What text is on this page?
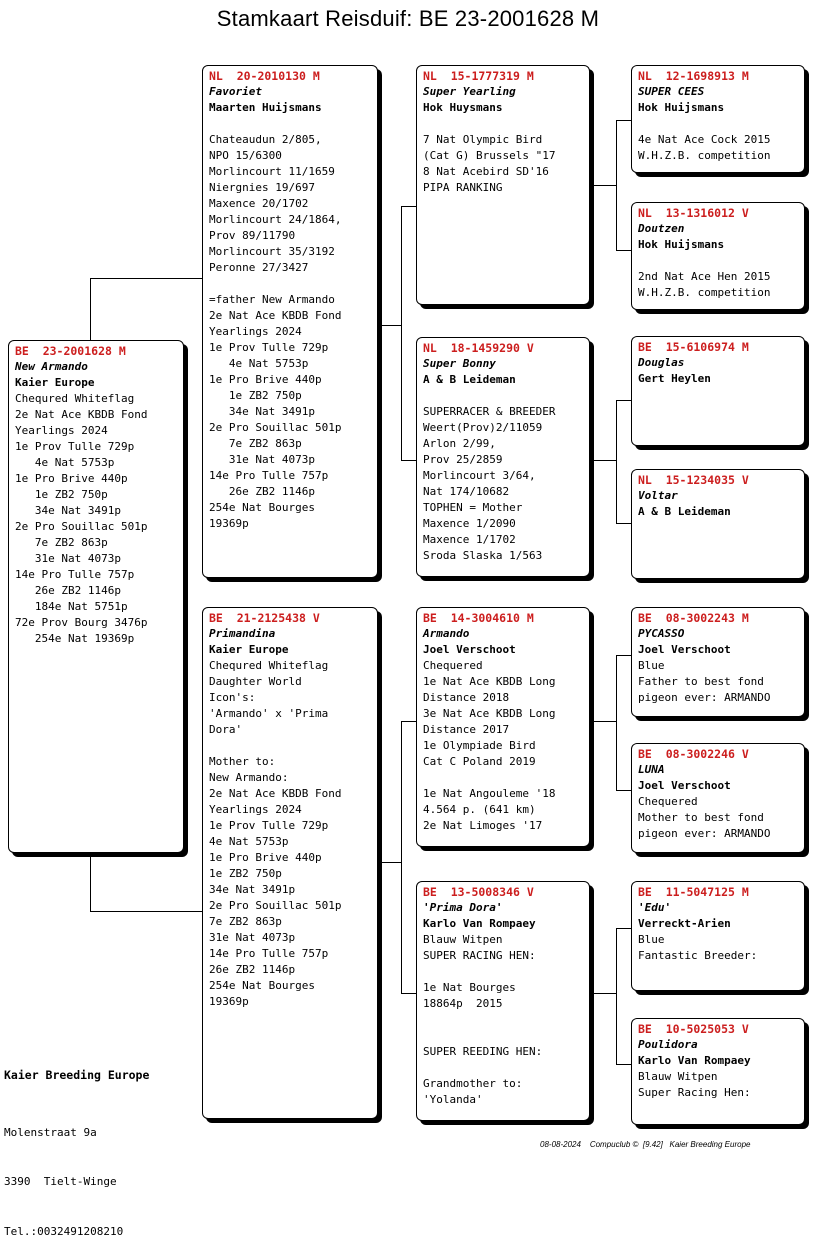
Stamkaart Reisduif: BE 23-2001628 M
BE  23-2001628 M
New Armando
Kaier Europe
Chequred Whiteflag
2e Nat Ace KBDB Fond
Yearlings 2024
1e Prov Tulle 729p
4e Nat 5753p
1e Pro Brive 440p
1e ZB2 750p
34e Nat 3491p
2e Pro Souillac 501p
7e ZB2 863p
31e Nat 4073p
14e Pro Tulle 757p
26e ZB2 1146p
184e Nat 5751p
72e Prov Bourg 3476p
254e Nat 19369p
NL  20-2010130 M
Favoriet
Maarten Huijsmans
Chateaudun 2/805,
NPO 15/6300
Morlincourt 11/1659
Niergnies 19/697
Maxence 20/1702
Morlincourt 24/1864,
Prov 89/11790
Morlincourt 35/3192
Peronne 27/3427
=father New Armando
2e Nat Ace KBDB Fond
Yearlings 2024
1e Prov Tulle 729p
4e Nat 5753p
1e Pro Brive 440p
1e ZB2 750p
34e Nat 3491p
2e Pro Souillac 501p
7e ZB2 863p
31e Nat 4073p
14e Pro Tulle 757p
26e ZB2 1146p
254e Nat Bourges
19369p
BE  21-2125438 V
Primandina
Kaier Europe
Chequred Whiteflag
Daughter World
Icon's:
'Armando' x 'Prima
Dora'
Mother to:
New Armando:
2e Nat Ace KBDB Fond
Yearlings 2024
1e Prov Tulle 729p
4e Nat 5753p
1e Pro Brive 440p
1e ZB2 750p
34e Nat 3491p
2e Pro Souillac 501p
7e ZB2 863p
31e Nat 4073p
14e Pro Tulle 757p
26e ZB2 1146p
254e Nat Bourges
19369p
NL  15-1777319 M
Super Yearling
Hok Huysmans
7 Nat Olympic Bird
(Cat G) Brussels "17
8 Nat Acebird SD'16
PIPA RANKING
NL  18-1459290 V
Super Bonny
A & B Leideman
SUPERRACER & BREEDER
Weert(Prov)2/11059
Arlon 2/99,
Prov 25/2859
Morlincourt 3/64,
Nat 174/10682
TOPHEN = Mother
Maxence 1/2090
Maxence 1/1702
Sroda Slaska 1/563
BE  14-3004610 M
Armando
Joel Verschoot
Chequered
1e Nat Ace KBDB Long
Distance 2018
3e Nat Ace KBDB Long
Distance 2017
1e Olympiade Bird
Cat C Poland 2019
1e Nat Angouleme '18
4.564 p. (641 km)
2e Nat Limoges '17
BE  13-5008346 V
'Prima Dora'
Karlo Van Rompaey
Blauw Witpen
SUPER RACING HEN:
1e Nat Bourges
18864p  2015
SUPER REEDING HEN:
Grandmother to:
'Yolanda'
NL  12-1698913 M
SUPER CEES
Hok Huijsmans
4e Nat Ace Cock 2015
W.H.Z.B. competition
NL  13-1316012 V
Doutzen
Hok Huijsmans
2nd Nat Ace Hen 2015
W.H.Z.B. competition
BE  15-6106974 M
Douglas
Gert Heylen
NL  15-1234035 V
Voltar
A & B Leideman
BE  08-3002243 M
PYCASSO
Joel Verschoot
Blue
Father to best fond
pigeon ever: ARMANDO
BE  08-3002246 V
LUNA
Joel Verschoot
Chequered
Mother to best fond
pigeon ever: ARMANDO
BE  11-5047125 M
'Edu'
Verreckt-Arien
Blue
Fantastic Breeder:
BE  10-5025053 V
Poulidora
Karlo Van Rompaey
Blauw Witpen
Super Racing Hen:

Kaier Breeding Europe

Molenstraat 9a

3390  Tielt-Winge

Tel.:0032491208210

08-08-2024    Compuclub ©  [9.42]   Kaier Breeding Europe
